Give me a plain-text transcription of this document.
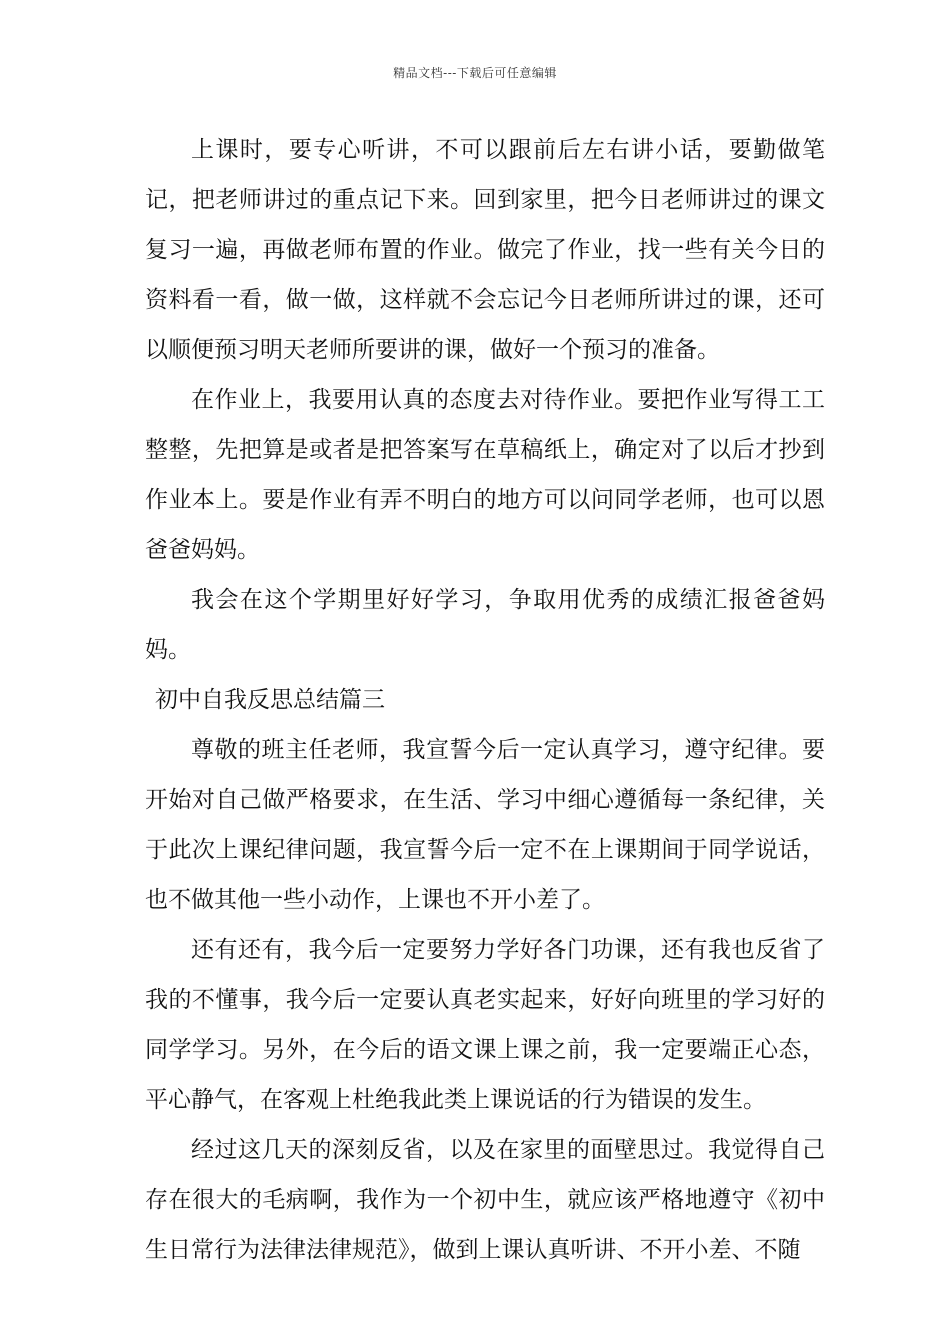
精品文档---下载后可任意编辑

上课时，要专心听讲，不可以跟前后左右讲小话，要勤做笔记，把老师讲过的重点记下来。回到家里，把今日老师讲过的课文复习一遍，再做老师布置的作业。做完了作业，找一些有关今日的资料看一看，做一做，这样就不会忘记今日老师所讲过的课，还可以顺便预习明天老师所要讲的课，做好一个预习的准备。

在作业上，我要用认真的态度去对待作业。要把作业写得工工整整，先把算是或者是把答案写在草稿纸上，确定对了以后才抄到作业本上。要是作业有弄不明白的地方可以问同学老师，也可以恩爸爸妈妈。

我会在这个学期里好好学习，争取用优秀的成绩汇报爸爸妈妈。

初中自我反思总结篇三

尊敬的班主任老师，我宣誓今后一定认真学习，遵守纪律。要开始对自己做严格要求，在生活、学习中细心遵循每一条纪律，关于此次上课纪律问题，我宣誓今后一定不在上课期间于同学说话，也不做其他一些小动作，上课也不开小差了。

还有还有，我今后一定要努力学好各门功课，还有我也反省了我的不懂事，我今后一定要认真老实起来，好好向班里的学习好的同学学习。另外，在今后的语文课上课之前，我一定要端正心态，平心静气，在客观上杜绝我此类上课说话的行为错误的发生。

经过这几天的深刻反省，以及在家里的面壁思过。我觉得自己存在很大的毛病啊，我作为一个初中生，就应该严格地遵守《初中生日常行为法律法律规范》，做到上课认真听讲、不开小差、不随
